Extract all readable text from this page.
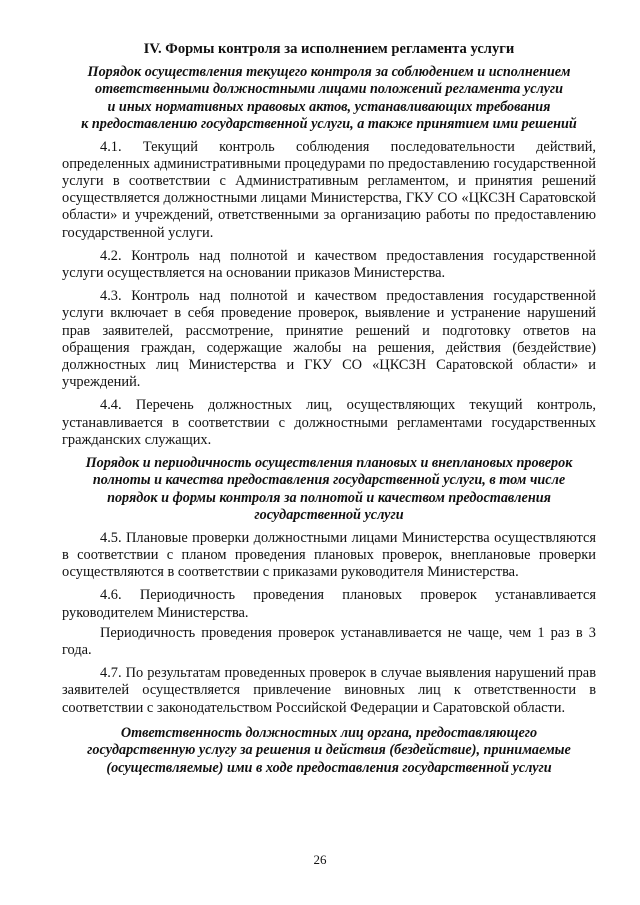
IV. Формы контроля за исполнением регламента услуги
Порядок осуществления текущего контроля за соблюдением и исполнением
ответственными должностными лицами положений регламента услуги
и иных нормативных правовых актов, устанавливающих требования
к предоставлению государственной услуги, а также принятием ими решений

4.1. Текущий контроль соблюдения последовательности действий, определенных административными процедурами по предоставлению государственной услуги в соответствии с Административным регламентом, и принятия решений осуществляется должностными лицами Министерства, ГКУ СО «ЦКСЗН Саратовской области» и учреждений, ответственными за организацию работы по предоставлению государственной услуги.

4.2. Контроль над полнотой и качеством предоставления государственной услуги осуществляется на основании приказов Министерства.

4.3. Контроль над полнотой и качеством предоставления государственной услуги включает в себя проведение проверок, выявление и устранение нарушений прав заявителей, рассмотрение, принятие решений и подготовку ответов на обращения граждан, содержащие жалобы на решения, действия (бездействие) должностных лиц Министерства и ГКУ СО «ЦКСЗН Саратовской области» и учреждений.

4.4. Перечень должностных лиц, осуществляющих текущий контроль, устанавливается в соответствии с должностными регламентами государственных гражданских служащих.

Порядок и периодичность осуществления плановых и внеплановых проверок
полноты и качества предоставления государственной услуги, в том числе
порядок и формы контроля за полнотой и качеством предоставления
государственной услуги

4.5. Плановые проверки должностными лицами Министерства осуществляются в соответствии с планом проведения плановых проверок, внеплановые проверки осуществляются в соответствии с приказами руководителя Министерства.

4.6. Периодичность проведения плановых проверок устанавливается руководителем Министерства.

Периодичность проведения проверок устанавливается не чаще, чем 1 раз в 3 года.

4.7. По результатам проведенных проверок в случае выявления нарушений прав заявителей осуществляется привлечение виновных лиц к ответственности в соответствии с законодательством Российской Федерации и Саратовской области.

Ответственность должностных лиц органа, предоставляющего
государственную услугу за решения и действия (бездействие), принимаемые
(осуществляемые) ими в ходе предоставления государственной услуги
26
